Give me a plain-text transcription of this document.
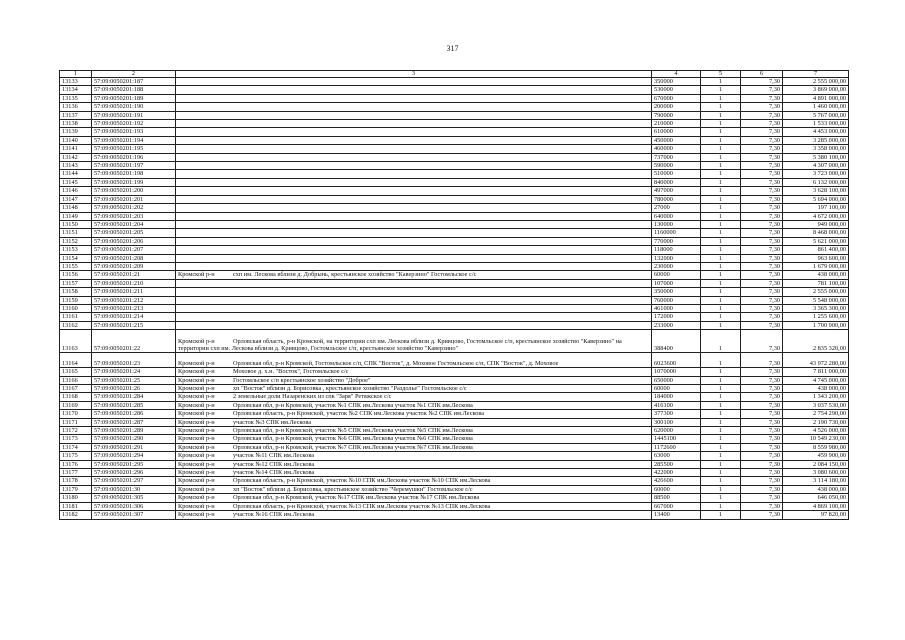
317
1	2	3	4	5	6	7
13133	57:09:0050201:187		350000	1	7,30	2 555 000,00
13134	57:09:0050201:188		530000	1	7,30	3 869 000,00
13135	57:09:0050201:189		670000	1	7,30	4 891 000,00
13136	57:09:0050201:190		200000	1	7,30	1 460 000,00
13137	57:09:0050201:191		790000	1	7,30	5 767 000,00
13138	57:09:0050201:192		210000	1	7,30	1 533 000,00
13139	57:09:0050201:193		610000	1	7,30	4 453 000,00
13140	57:09:0050201:194		450000	1	7,30	3 285 000,00
13141	57:09:0050201:195		460000	1	7,30	3 358 000,00
13142	57:09:0050201:196		737000	1	7,30	5 380 100,00
13143	57:09:0050201:197		590000	1	7,30	4 307 000,00
13144	57:09:0050201:198		510000	1	7,30	3 723 000,00
13145	57:09:0050201:199		840000	1	7,30	6 132 000,00
13146	57:09:0050201:200		497000	1	7,30	3 628 100,00
13147	57:09:0050201:201		780000	1	7,30	5 694 000,00
13148	57:09:0050201:202		27000	1	7,30	197 100,00
13149	57:09:0050201:203		640000	1	7,30	4 672 000,00
13150	57:09:0050201:204		130000	1	7,30	949 000,00
13151	57:09:0050201:205		1160000	1	7,30	8 468 000,00
13152	57:09:0050201:206		770000	1	7,30	5 621 000,00
13153	57:09:0050201:207		118000	1	7,30	861 400,00
13154	57:09:0050201:208		132000	1	7,30	963 600,00
13155	57:09:0050201:209		230000	1	7,30	1 679 000,00
13156	57:09:0050201:21	Кромской р-н схп им. Лескова вблизи д. Добрынь, крестьянское хозяйство "Каверзино" Гостомльское с/с	60000	1	7,30	438 000,00
13157	57:09:0050201:210		107000	1	7,30	781 100,00
13158	57:09:0050201:211		350000	1	7,30	2 555 000,00
13159	57:09:0050201:212		760000	1	7,30	5 548 000,00
13160	57:09:0050201:213		461000	1	7,30	3 365 300,00
13161	57:09:0050201:214		172000	1	7,30	1 255 600,00
13162	57:09:0050201:215		233000	1	7,30	1 700 900,00
13163	57:09:0050201:22	Кромской р-н Орловская область, р-н Кромской, на территории схп им. Лескова вблизи д. Кривцово, Гостомльское с/п, крестьянское хозяйство "Каверзино" на территории схп им. Лескова вблизи д. Кривцово, Гостомльское с/п, крестьянское хозяйство "Каверзино"	388400	1	7,30	2 835 320,00
13164	57:09:0050201:23	Кромской р-н Орловская обл, р-н Кромской, Гостомльское с/п, СПК "Восток", д. Моховое Гостомльское с/п, СПК "Восток", д. Моховое	6023600	1	7,30	43 972 280,00
13165	57:09:0050201:24	Кромской р-н Моховое д. х.н. "Восток", Гостомльское с/с	1070000	1	7,30	7 811 000,00
13166	57:09:0050201:25	Кромской р-н Гостомльское с/п крестьянское хозяйство "Доброе"	650000	1	7,30	4 745 000,00
13167	57:09:0050201:26	Кромской р-н хп "Восток" вблизи д. Борисовка , крестьянское хозяйство "Раздолье" Гостомльское с/с	60000	1	7,30	438 000,00
13168	57:09:0050201:284	Кромской р-н 2 земельные доли Назаренских из спк "Заря" Ретяжское с/с	184000	1	7,30	1 343 200,00
13169	57:09:0050201:285	Кромской р-н Орловская обл, р-н Кромской, участок №1 СПК им.Лескова участок №1 СПК им.Лескова	416100	1	7,30	3 037 530,00
13170	57:09:0050201:286	Кромской р-н Орловская область, р-н Кромской, участок №2 СПК им.Лескова участок №2 СПК им.Лескова	377300	1	7,30	2 754 290,00
13171	57:09:0050201:287	Кромской р-н участок №3 СПК им.Лескова	300100	1	7,30	2 190 730,00
13172	57:09:0050201:289	Кромской р-н Орловская обл, р-н Кромской, участок №5 СПК им.Лескова участок №5 СПК им.Лескова	620000	1	7,30	4 526 000,00
13173	57:09:0050201:290	Кромской р-н Орловская обл, р-н Кромской, участок №6 СПК им.Лескова участок №6 СПК им.Лескова	1445100	1	7,30	10 549 230,00
13174	57:09:0050201:291	Кромской р-н Орловская обл, р-н Кромской, участок №7 СПК им.Лескова участок №7 СПК им.Лескова	1172600	1	7,30	8 559 980,00
13175	57:09:0050201:294	Кромской р-н участок №11 СПК им.Лескова	63000	1	7,30	459 900,00
13176	57:09:0050201:295	Кромской р-н участок №12 СПК им.Лескова	285500	1	7,30	2 084 150,00
13177	57:09:0050201:296	Кромской р-н участок №14 СПК им.Лескова	422000	1	7,30	3 080 600,00
13178	57:09:0050201:297	Кромской р-н Орловская область, р-н Кромской, участок №10 СПК им.Лескова участок №10 СПК им.Лескова	426600	1	7,30	3 114 180,00
13179	57:09:0050201:30	Кромской р-н хп "Восток" вблизи д. Борисовка, крестьянское хозяйство "Черемушки" Гостомльское с/с	60000	1	7,30	438 000,00
13180	57:09:0050201:305	Кромской р-н Орловская обл, р-н Кромской, участок №17 СПК им.Лескова участок №17 СПК им.Лескова	88500	1	7,30	646 050,00
13181	57:09:0050201:306	Кромской р-н Орловская область, р-н Кромской, участок №13 СПК им.Лескова участок №13 СПК им.Лескова	667000	1	7,30	4 869 100,00
13182	57:09:0050201:307	Кромской р-н участок №16 СПК им.Лескова	13400	1	7,30	97 820,00
